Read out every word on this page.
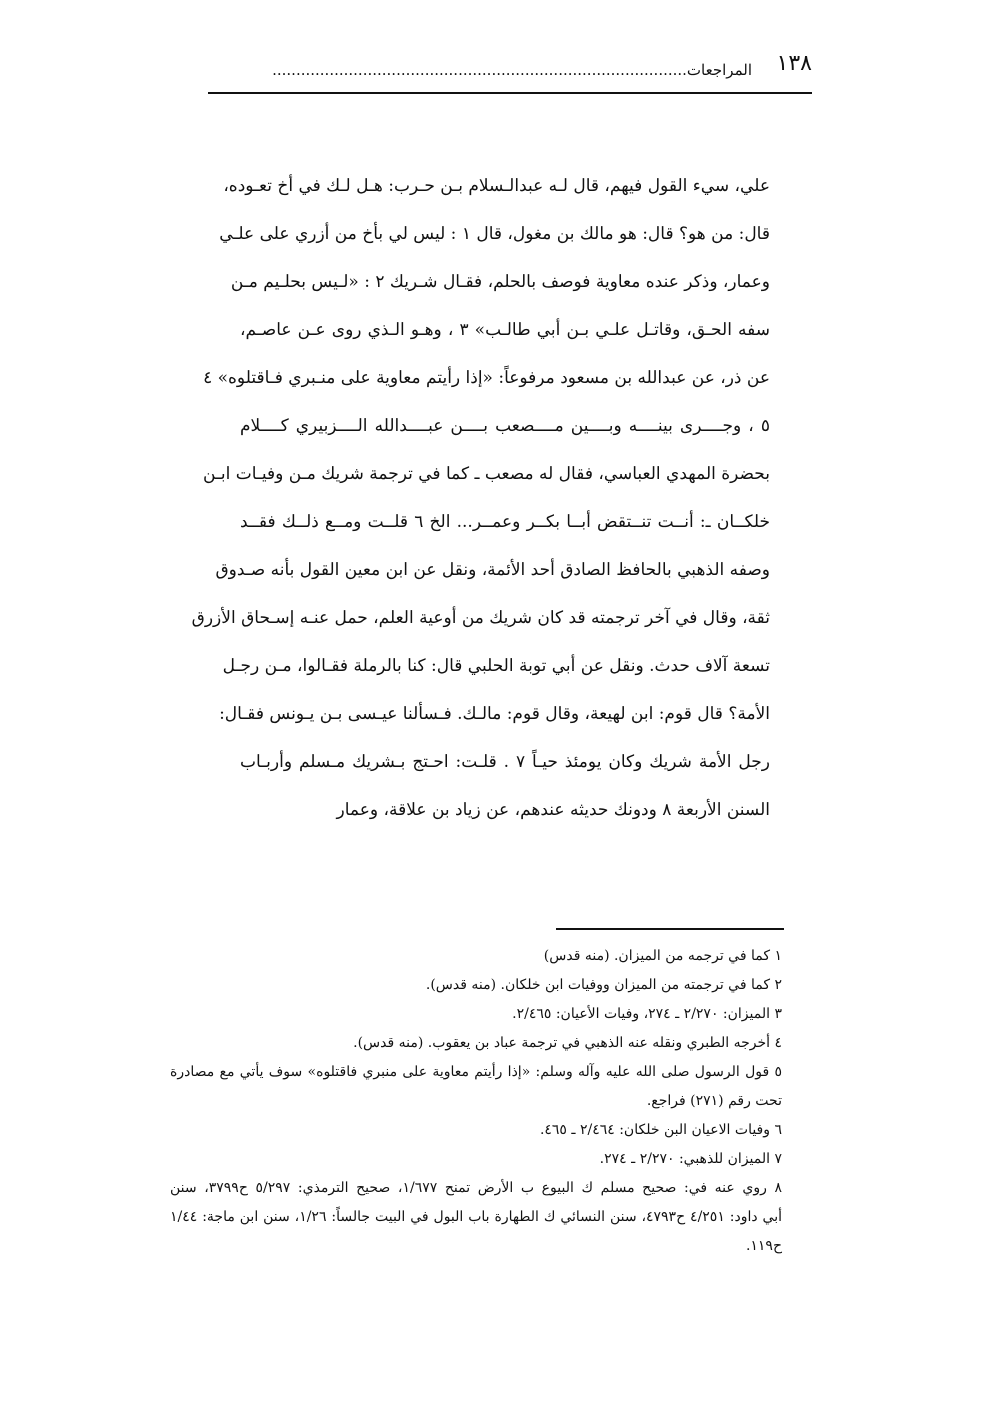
١٣٨
المراجعات.......................................................................................
علي، سيء القول فيهم، قال لـه عبدالـسلام بـن حـرب: هـل لـك في أخ تعـوده،
قال: من هو؟ قال: هو مالك بن مغول، قال ١ : ليس لي بأخ من أزري على علـي
وعمار، وذكر عنده معاوية فوصف بالحلم، فقـال شـريك ٢ : «لـيس بحلـيم مـن
سفه الحـق، وقاتـل علـي بـن أبي طالـب» ٣ ، وهـو الـذي روى عـن عاصـم،
عن ذر، عن عبدالله بن مسعود مرفوعاً: «إذا رأيتم معاوية على منـبري فـاقتلوه» ٤
٥ ، وجــــرى بينــــه وبــــين مــــصعب بــــن عبــــدالله الــــزبيري كــــلام
بحضرة المهدي العباسي، فقال له مصعب ـ كما في ترجمة شريك مـن وفيـات ابـن
خلكــان ـ: أنــت تنــتقض أبــا بكــر وعمــر... الخ ٦ قلــت ومــع ذلــك فقــد
وصفه الذهبي بالحافظ الصادق أحد الأئمة، ونقل عن ابن معين القول بأنه صـدوق
ثقة، وقال في آخر ترجمته قد كان شريك من أوعية العلم، حمل عنـه إسـحاق الأزرق
تسعة آلاف حدث. ونقل عن أبي توبة الحلبي قال: كنا بالرملة فقـالوا، مـن رجـل
الأمة؟ قال قوم: ابن لهيعة، وقال قوم: مالـك. فـسألنا عيـسى بـن يـونس فقـال:
رجل الأمة شريك وكان يومئذ حيـاً ٧ . قلـت: احـتج بـشريك مـسلم وأربـاب
السنن الأربعة ٨ ودونك حديثه عندهم، عن زياد بن علاقة، وعمار
١ كما في ترجمه من الميزان. (منه قدس)
٢ كما في ترجمته من الميزان ووفيات ابن خلكان. (منه قدس).
٣ الميزان: ٢/٢٧٠ ـ ٢٧٤، وفيات الأعيان: ٢/٤٦٥.
٤ أخرجه الطبري ونقله عنه الذهبي في ترجمة عباد بن يعقوب. (منه قدس).
٥ قول الرسول صلى الله عليه وآله وسلم: «إذا رأيتم معاوية على منبري فاقتلوه» سوف يأتي مع مصادرة
تحت رقم (٢٧١) فراجع.
٦ وفيات الاعيان البن خلكان: ٢/٤٦٤ ـ ٤٦٥.
٧ الميزان للذهبي: ٢/٢٧٠ ـ ٢٧٤.
٨ روي عنه في: صحيح مسلم ك البيوع ب الأرض تمنح ١/٦٧٧، صحيح الترمذي: ٥/٢٩٧ ح٣٧٩٩، سنن
أبي داود: ٤/٢٥١ ح٤٧٩٣، سنن النسائي ك الطهارة باب البول في البيت جالساً: ١/٢٦، سنن ابن ماجة: ١/٤٤
ح١١٩.
